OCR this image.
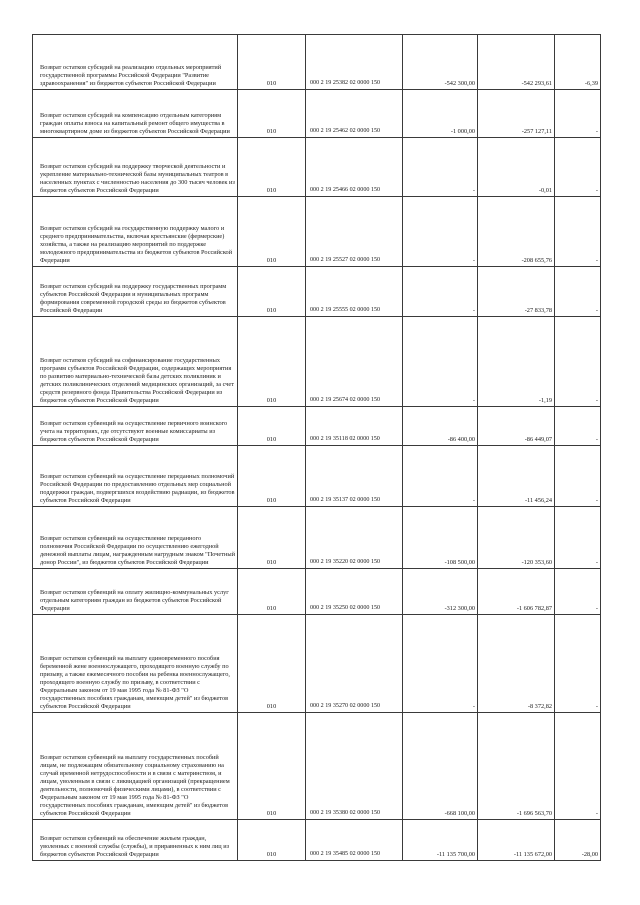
Возврат остатков субсидий на реализацию отдельных мероприятий государственной программы Российской Федерации "Развитие здравоохранения" из бюджетов субъектов Российской Федерации	010	000 2 19 25382 02 0000 150	-542 300,00	-542 293,61	-6,39

Возврат остатков субсидий на компенсацию отдельным категориям граждан оплаты взноса на капитальный ремонт общего имущества в многоквартирном доме из бюджетов субъектов Российской Федерации	010	000 2 19 25462 02 0000 150	-1 000,00	-257 127,11	-

Возврат остатков субсидий на поддержку творческой деятельности и укрепление материально-технической базы муниципальных театров в населенных пунктах с численностью населения до 300 тысяч человек из бюджетов субъектов Российской Федерации	010	000 2 19 25466 02 0000 150	-	-0,01	-

Возврат остатков субсидий на государственную поддержку малого и среднего предпринимательства, включая крестьянские (фермерские) хозяйства, а также на реализацию мероприятий по поддержке молодежного предпринимательства из бюджетов субъектов Российской Федерации	010	000 2 19 25527 02 0000 150	-	-208 655,76	-

Возврат остатков субсидий на поддержку государственных программ субъектов Российской Федерации и муниципальных программ формирования современной городской среды из бюджетов субъектов Российской Федерации	010	000 2 19 25555 02 0000 150	-	-27 833,78	-

Возврат остатков субсидий на софинансирование государственных программ субъектов Российской Федерации, содержащих мероприятия по развитию материально-технической базы детских поликлиник и детских поликлинических отделений медицинских организаций, за счет средств резервного фонда Правительства Российской Федерации из бюджетов субъектов Российской Федерации	010	000 2 19 25674 02 0000 150	-	-1,19	-

Возврат остатков субвенций на осуществление первичного воинского учета на территориях, где отсутствуют военные комиссариаты из бюджетов субъектов Российской Федерации	010	000 2 19 35118 02 0000 150	-86 400,00	-86 449,07	-

Возврат остатков субвенций на осуществление переданных полномочий Российской Федерации по предоставлению отдельных мер социальной поддержки граждан, подвергшихся воздействию радиации, из бюджетов субъектов Российской Федерации	010	000 2 19 35137 02 0000 150	-	-11 456,24	-

Возврат остатков субвенций на осуществление переданного полномочия Российской Федерации по осуществлению ежегодной денежной выплаты лицам, награжденным нагрудным знаком "Почетный донор России", из бюджетов субъектов Российской Федерации	010	000 2 19 35220 02 0000 150	-108 500,00	-120 353,60	-

Возврат остатков субвенций на оплату жилищно-коммунальных услуг отдельным категориям граждан из бюджетов субъектов Российской Федерации	010	000 2 19 35250 02 0000 150	-312 300,00	-1 606 782,87	-

Возврат остатков субвенций на выплату единовременного пособия беременной жене военнослужащего, проходящего военную службу по призыву, а также ежемесячного пособия на ребенка военнослужащего, проходящего военную службу по призыву, в соответствии с Федеральным законом от 19 мая 1995 года № 81-ФЗ "О государственных пособиях гражданам, имеющим детей" из бюджетов субъектов Российской Федерации	010	000 2 19 35270 02 0000 150	-	-8 372,82	-

Возврат остатков субвенций на выплату государственных пособий лицам, не подлежащим обязательному социальному страхованию на случай временной нетрудоспособности и в связи с материнством, и лицам, уволенным в связи с ликвидацией организаций (прекращением деятельности, полномочий физическими лицами), в соответствии с Федеральным законом от 19 мая 1995 года № 81-ФЗ "О государственных пособиях гражданам, имеющим детей" из бюджетов субъектов Российской Федерации	010	000 2 19 35380 02 0000 150	-668 100,00	-1 696 563,70	-

Возврат остатков субвенций на обеспечение жильем граждан, уволенных с военной службы (службы), и приравненных к ним лиц из бюджетов субъектов Российской Федерации	010	000 2 19 35485 02 0000 150	-11 135 700,00	-11 135 672,00	-28,00
